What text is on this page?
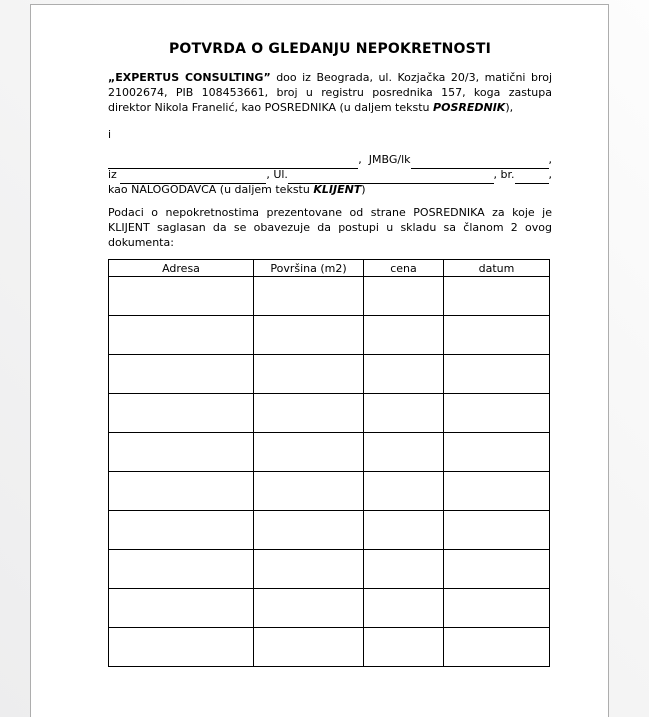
POTVRDA O GLEDANJU NEPOKRETNOSTI
„EXPERTUS CONSULTING” doo iz Beograda, ul. Kozjačka 20/3, matični broj
21002674, PIB 108453661, broj u registru posrednika 157, koga zastupa
direktor Nikola Franelić, kao POSREDNIKA (u daljem tekstu POSREDNIK),
i
,  JMBG/lk	,
iz	, Ul.	, br.	,
kao NALOGODAVCA (u daljem tekstu KLIJENT)
Podaci o nepokretnostima prezentovane od strane POSREDNIKA za koje je
KLIJENT saglasan da se obavezuje da postupi u skladu sa članom 2 ovog
dokumenta:
Adresa	Površina (m2)	cena	datum
